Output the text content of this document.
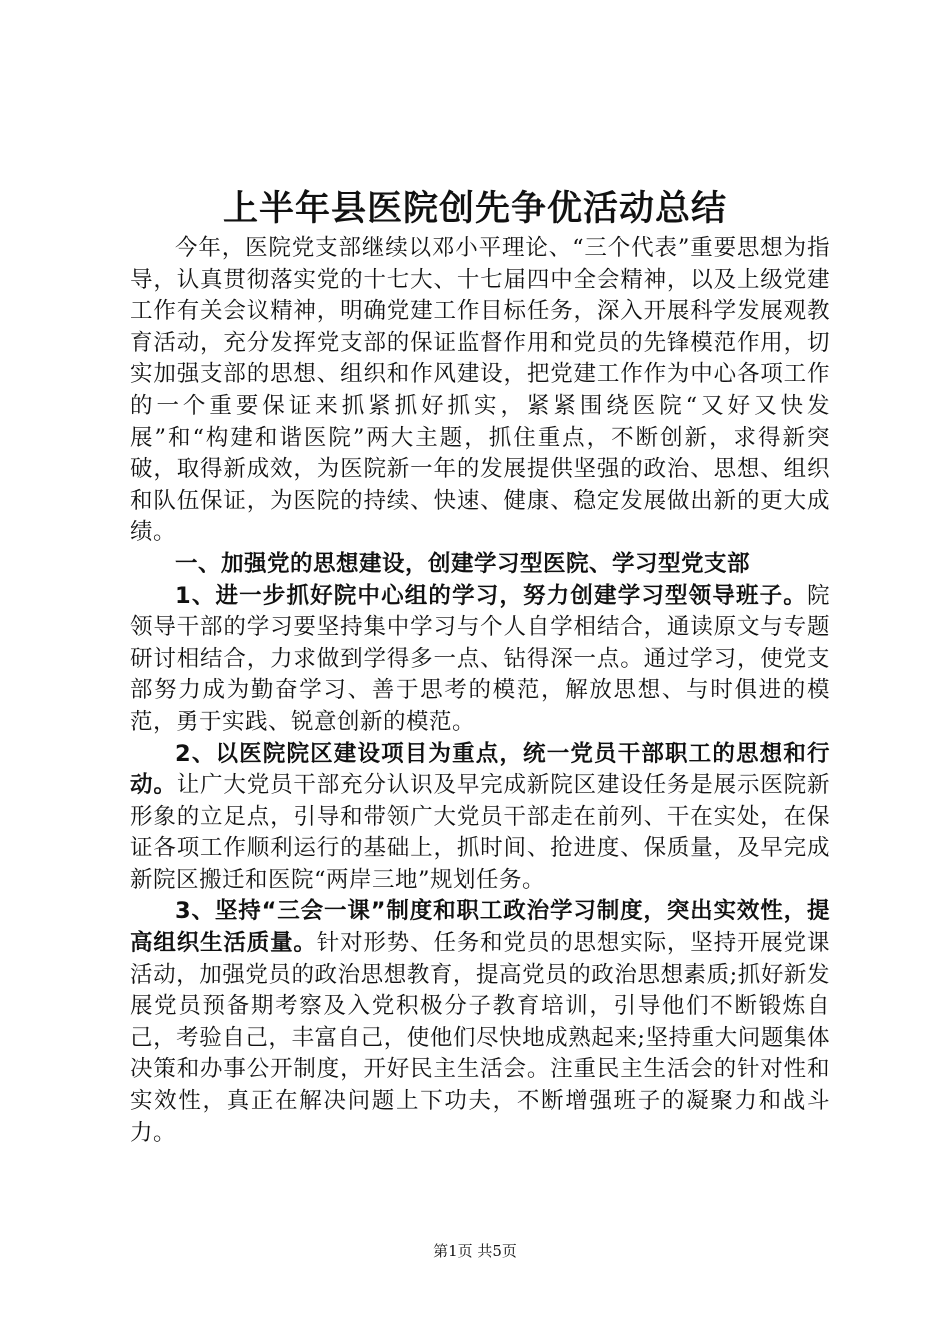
上半年县医院创先争优活动总结

今年，医院党支部继续以邓小平理论、“三个代表”重要思想为指导，认真贯彻落实党的十七大、十七届四中全会精神，以及上级党建工作有关会议精神，明确党建工作目标任务，深入开展科学发展观教育活动，充分发挥党支部的保证监督作用和党员的先锋模范作用，切实加强支部的思想、组织和作风建设，把党建工作作为中心各项工作的一个重要保证来抓紧抓好抓实，紧紧围绕医院“又好又快发展”和“构建和谐医院”两大主题，抓住重点，不断创新，求得新突破，取得新成效，为医院新一年的发展提供坚强的政治、思想、组织和队伍保证，为医院的持续、快速、健康、稳定发展做出新的更大成绩。

一、加强党的思想建设，创建学习型医院、学习型党支部

1、进一步抓好院中心组的学习，努力创建学习型领导班子。院领导干部的学习要坚持集中学习与个人自学相结合，通读原文与专题研讨相结合，力求做到学得多一点、钻得深一点。通过学习，使党支部努力成为勤奋学习、善于思考的模范，解放思想、与时俱进的模范，勇于实践、锐意创新的模范。

2、以医院院区建设项目为重点，统一党员干部职工的思想和行动。让广大党员干部充分认识及早完成新院区建设任务是展示医院新形象的立足点，引导和带领广大党员干部走在前列、干在实处，在保证各项工作顺利运行的基础上，抓时间、抢进度、保质量，及早完成新院区搬迁和医院“两岸三地”规划任务。

3、坚持“三会一课”制度和职工政治学习制度，突出实效性，提高组织生活质量。针对形势、任务和党员的思想实际，坚持开展党课活动，加强党员的政治思想教育，提高党员的政治思想素质;抓好新发展党员预备期考察及入党积极分子教育培训，引导他们不断锻炼自己，考验自己，丰富自己，使他们尽快地成熟起来;坚持重大问题集体决策和办事公开制度，开好民主生活会。注重民主生活会的针对性和实效性，真正在解决问题上下功夫，不断增强班子的凝聚力和战斗力。

第1页 共5页
